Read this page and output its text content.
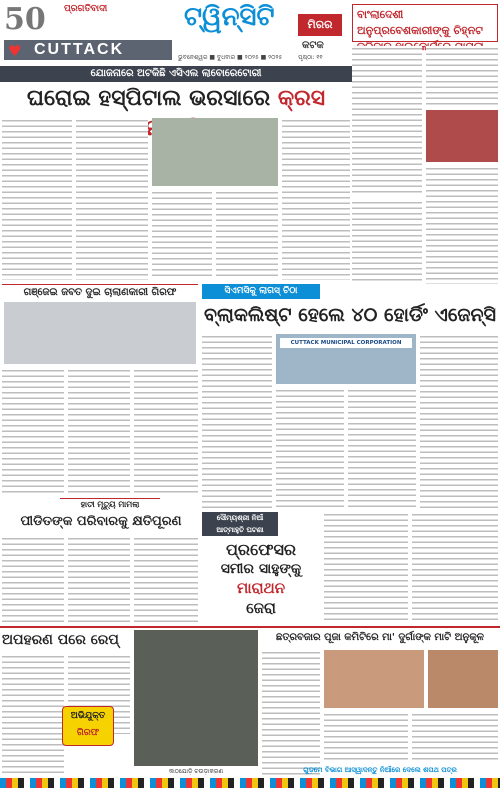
50	ପ୍ରଗତିବାଦୀ
CUTTACK
♥
ଟ୍ୱିନ୍‌ସିଟି	ମିରର
କଟକ
ଭୁବନେଶ୍ୱର ■ ବୁଧବାର ■ ୨୦୨୫ ■ ୨୦୨୫	ପୃଷ୍ଠା: ୧୧
ବାଂଲାଦେଶୀ ଅନୁପ୍ରବେଶକାରୀଙ୍କୁ ଚିହ୍ନଟ ହାଇକୋର୍ଟରେ
ଯୋଜନାରେ ଅଟକିଛି ଏସିଏଲ ଲାବୋରେଟୋରୀ
ଘରୋଇ ହସ୍ପିଟାଲ ଭରସାରେ କ୍ରସ
ଗଞ୍ଜେଇ ଜବତ ଦୁଇ ଚାଲାଣକାରୀ ଗିରଫ	ସିଏମସିକୁ ଲାଗସ୍ ଚିଠା
ବ୍ଲାକଲିଷ୍ଟ ହେଲେ ୪୦ ହୋର୍ଡିଂ ଏଜେନ୍ସି
CUTTACK MUNICIPAL CORPORATION
ହାତୀ ମୃତ୍ୟୁ ମାମଲା
ପୀଡିତଙ୍କ ପରିବାରକୁ କ୍ଷତିପୂରଣ	ସୌମ୍ୟଶ୍ରୀ ନିଆଁ ଆତ୍ମାହୁତି ଘଟଣା
ପ୍ରଫେସର
ସମୀର ସାହୁଙ୍କୁ
ମାରାଥନ
ଜେରା
ଅପହରଣ ପରେ ରେପ୍‌
ଅଭିଯୁକ୍ତ
ଗିରଫ
କାଠଯୋଡ଼ି ଚଉଡ଼ାକରଣ
ଛତ୍ରବଜାର ପୂଜା କମିଟିରେ ମା' ଦୁର୍ଗାଙ୍କ ମାଟି ଅନୁକୂଳ
ଗୁଡ଼ମେ ବିଭାଗ ଆସ୍ୱାଦନ୍ତୁ ନିଆଁରେ ଦେଲେ ଶପଥ ପତ୍ର
